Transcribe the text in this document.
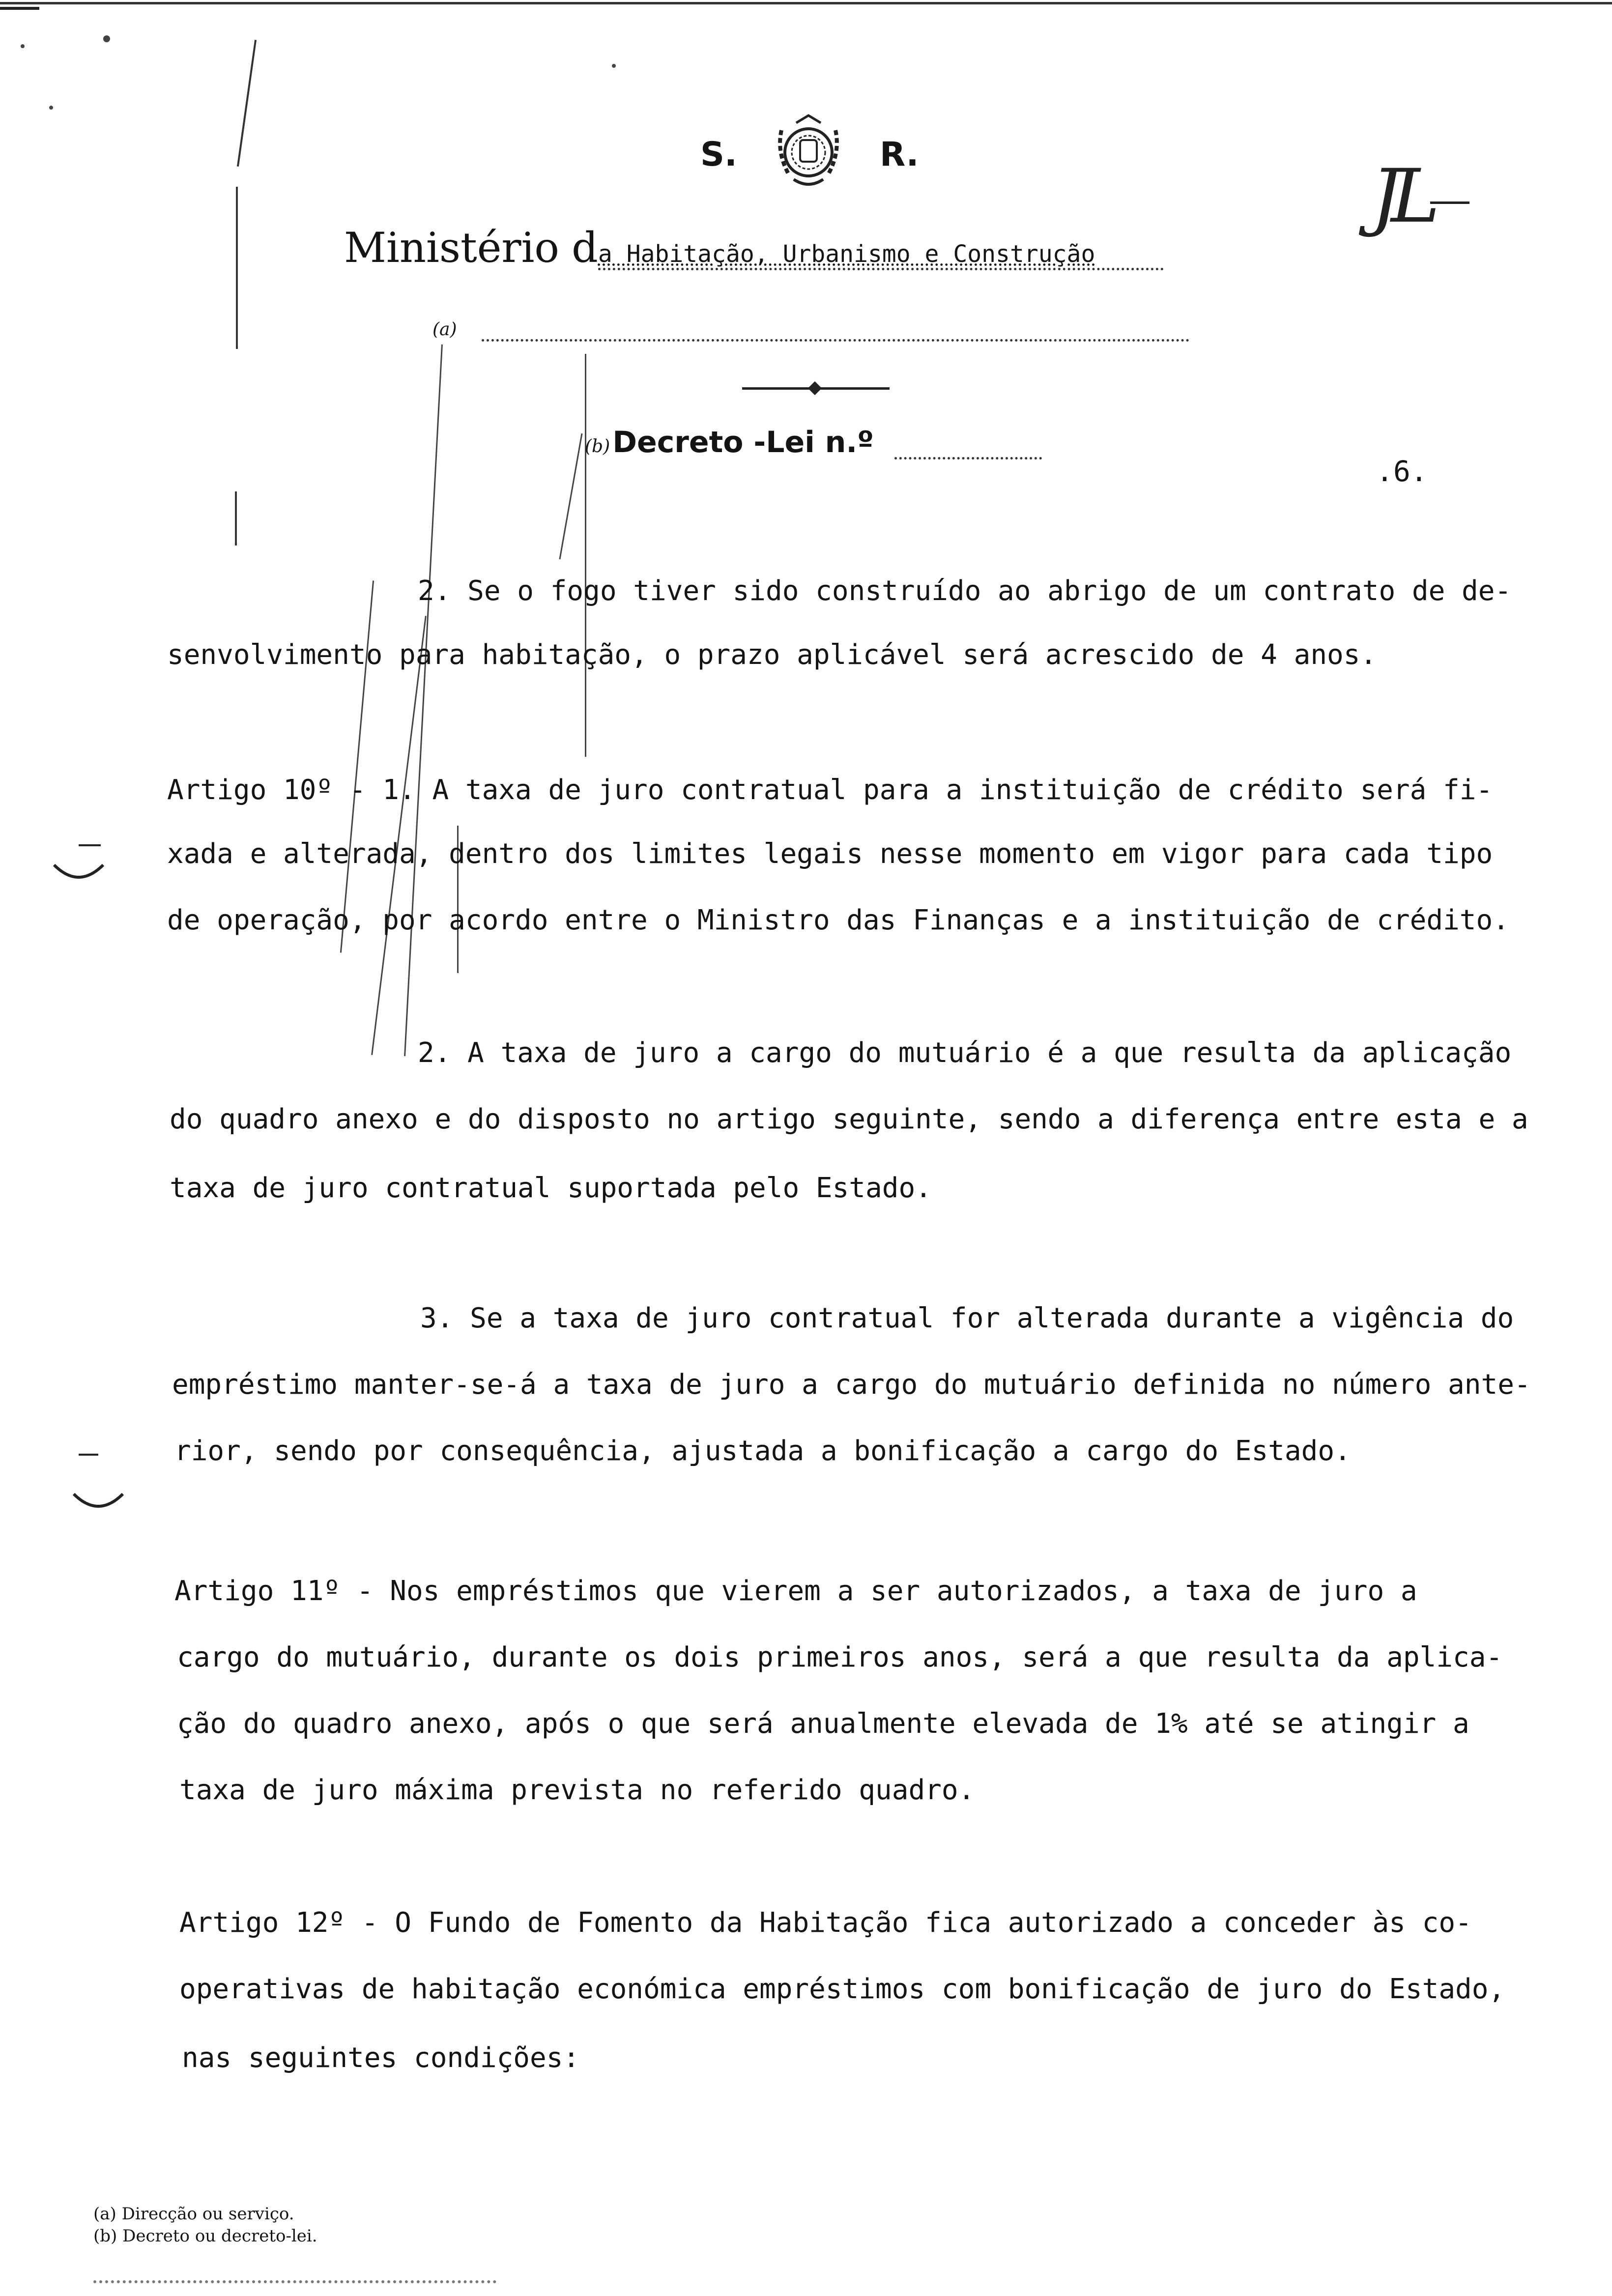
S.	R.	JL
Ministério da Habitação, Urbanismo e Construção
(a)
(b) Decreto -Lei n.º
.6.
2. Se o fogo tiver sido construído ao abrigo de um contrato de de-
senvolvimento para habitação, o prazo aplicável será acrescido de 4 anos.
Artigo 10º - 1. A taxa de juro contratual para a instituição de crédito será fi-
xada e alterada, dentro dos limites legais nesse momento em vigor para cada tipo
de operação, por acordo entre o Ministro das Finanças e a instituição de crédito.
2. A taxa de juro a cargo do mutuário é a que resulta da aplicação
do quadro anexo e do disposto no artigo seguinte, sendo a diferença entre esta e a
taxa de juro contratual suportada pelo Estado.
3. Se a taxa de juro contratual for alterada durante a vigência do
empréstimo manter-se-á a taxa de juro a cargo do mutuário definida no número ante-
rior, sendo por consequência, ajustada a bonificação a cargo do Estado.
Artigo 11º - Nos empréstimos que vierem a ser autorizados, a taxa de juro a
cargo do mutuário, durante os dois primeiros anos, será a que resulta da aplica-
ção do quadro anexo, após o que será anualmente elevada de 1% até se atingir a
taxa de juro máxima prevista no referido quadro.
Artigo 12º - O Fundo de Fomento da Habitação fica autorizado a conceder às co-
operativas de habitação económica empréstimos com bonificação de juro do Estado,
nas seguintes condições:
(a) Direcção ou serviço.
(b) Decreto ou decreto-lei.
